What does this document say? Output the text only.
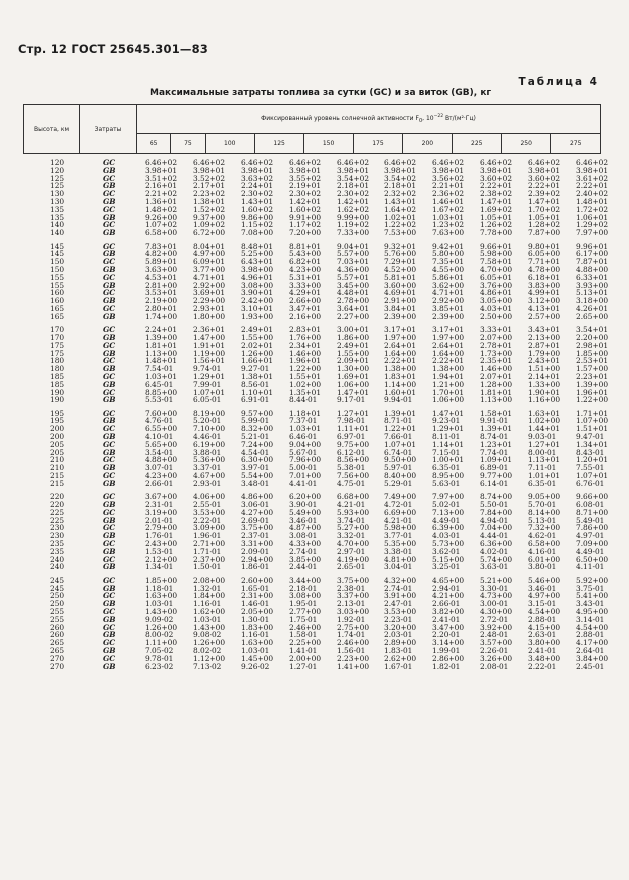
Стр. 12 ГОСТ 25645.301—83
Таблица 4
Максимальные затраты топлива за сутки (GC) и за виток (GB), кг
Высота, км	Затраты	Фиксированный уровень солнечной активности $F_0$, $10^{-22}$ Вт/(м²·Гц)									
		65	75	100	125	150	175	200	225	250	275
120	GC	6.46+02 6.46+02 6.46+02 6.46+02 6.46+02 6.46+02 6.46+02 6.46+02 6.46+02 6.46+02
120	GB	3.98+01 3.98+01 3.98+01 3.98+01 3.98+01 3.98+01 3.98+01 3.98+01 3.98+01 3.98+01
125	GC	3.51+02 3.52+02 3.63+02 3.55+02 3.54+02 3.54+02 3.56+02 3.60+02 3.60+02 3.61+02
125	GB	2.16+01 2.17+01 2.24+01 2.19+01 2.18+01 2.18+01 2.21+01 2.22+01 2.22+01 2.22+01
130	GC	2.21+02 2.23+02 2.30+02 2.30+02 2.30+02 2.32+02 2.36+02 2.38+02 2.39+02 2.40+02
130	GB	1.36+01 1.38+01 1.43+01 1.42+01 1.42+01 1.43+01 1.46+01 1.47+01 1.47+01 1.48+01
135	GC	1.48+02 1.52+02 1.60+02 1.60+02 1.62+02 1.64+02 1.67+02 1.69+02 1.70+02 1.72+02
135	GB	9.26+00 9.37+00 9.86+00 9.91+00 9.99+00 1.02+01 1.03+01 1.05+01 1.05+01 1.06+01
140	GC	1.07+02 1.09+02 1.15+02 1.17+02 1.19+02 1.22+02 1.23+02 1.26+02 1.28+02 1.29+02
140	GB	6.58+00 6.72+00 7.08+00 7.20+00 7.33+00 7.53+00 7.63+00 7.78+00 7.87+00 7.97+00
145	GC	7.83+01 8.04+01 8.48+01 8.81+01 9.04+01 9.32+01 9.42+01 9.66+01 9.80+01 9.96+01
145	GB	4.82+00 4.97+00 5.25+00 5.43+00 5.57+00 5.76+00 5.80+00 5.98+00 6.05+00 6.17+00
150	GC	5.89+01 6.09+01 6.43+01 6.82+01 7.03+01 7.29+01 7.35+01 7.58+01 7.71+01 7.87+01
150	GB	3.63+00 3.77+00 3.98+00 4.23+00 4.36+00 4.52+00 4.55+00 4.70+00 4.78+00 4.88+00
155	GC	4.53+01 4.71+01 4.96+01 5.31+01 5.57+01 5.81+01 5.86+01 6.05+01 6.18+01 6.33+01
155	GB	2.81+00 2.92+00 3.08+00 3.33+00 3.45+00 3.60+00 3.62+00 3.76+00 3.83+00 3.93+00
160	GC	3.53+01 3.69+01 3.90+01 4.29+01 4.48+01 4.69+01 4.71+01 4.86+01 4.99+01 5.13+01
160	GB	2.19+00 2.29+00 2.42+00 2.66+00 2.78+00 2.91+00 2.92+00 3.05+00 3.12+00 3.18+00
165	GC	2.80+01 2.93+01 3.10+01 3.47+01 3.64+01 3.84+01 3.85+01 4.03+01 4.13+01 4.26+01
165	GB	1.74+00 1.80+00 1.93+00 2.16+00 2.27+00 2.39+00 2.39+00 2.50+00 2.57+00 2.65+00
170	GC	2.24+01 2.36+01 2.49+01 2.83+01 3.00+01 3.17+01 3.17+01 3.33+01 3.43+01 3.54+01
170	GB	1.39+00 1.47+00 1.55+00 1.76+00 1.86+00 1.97+00 1.97+00 2.07+00 2.13+00 2.20+00
175	GC	1.81+01 1.91+01 2.02+01 2.34+01 2.49+01 2.64+01 2.64+01 2.78+01 2.87+01 2.98+01
175	GB	1.13+00 1.19+00 1.26+00 1.46+00 1.55+00 1.64+00 1.64+00 1.73+00 1.79+00 1.85+00
180	GC	1.48+01 1.56+01 1.66+01 1.96+01 2.09+01 2.22+01 2.22+01 2.35+01 2.43+01 2.53+01
180	GB	7.54-01	9.74-01	9.27-01	1.22+00 1.30+00 1.38+00 1.38+00 1.46+00 1.51+00 1.57+00
185	GC	1.03+01 1.29+01 1.38+01 1.55+01 1.69+01 1.83+01 1.94+01 2.07+01 2.14+01 2.23+01
185	GB	6.45-01	7.99-01	8.56-01	1.02+00 1.06+00 1.14+00 1.21+00 1.28+00 1.33+00 1.39+00
190	GC	8.85+00 1.07+01 1.10+01 1.35+01 1.47+01 1.60+01 1.70+01 1.81+01 1.90+01 1.96+01
190	GB	5.53-01	6.05-01	6.91-01	8.44-01	9.17-01	9.94-01	1.06+00 1.13+00 1.16+00 1.22+00
195	GC	7.60+00 8.19+00 9.57+00 1.18+01 1.27+01 1.39+01 1.47+01 1.58+01 1.63+01 1.71+01
195	GB	4.76-01	5.20-01	5.99-01	7.37-01	7.98-01	8.71-01	9.23-01	9.91-01	1.02+00 1.07+00
200	GC	6.55+00 7.10+00 8.32+00 1.03+01 1.11+01 1.22+01 1.29+01 1.39+01 1.44+01 1.51+01
200	GB	4.10-01	4.46-01	5.21-01	6.46-01	6.97-01	7.66-01	8.11-01	8.74-01	9.03-01	9.47-01
205	GC	5.65+00 6.19+00 7.24+00 9.04+00 9.75+00 1.07+01 1.14+01 1.23+01 1.27+01 1.34+01
205	GB	3.54-01	3.88-01	4.54-01	5.67-01	6.12-01	6.74-01	7.15-01	7.74-01	8.00-01	8.43-01
210	GC	4.88+00 5.36+00 6.30+00 7.96+00 8.56+00 9.50+00 1.00+01 1.09+01 1.13+01 1.20+01
210	GB	3.07-01	3.37-01	3.97-01	5.00-01	5.38-01	5.97-01	6.35-01	6.89-01	7.11-01	7.55-01
215	GC	4.23+00 4.67+00 5.54+00 7.01+00 7.56+00 8.40+00 8.95+00 9.77+00 1.01+01 1.07+01
215	GB	2.66-01	2.93-01	3.48-01	4.41-01	4.75-01	5.29-01	5.63-01	6.14-01	6.35-01	6.76-01
220	GC	3.67+00 4.06+00 4.86+00 6.20+00 6.68+00 7.49+00 7.97+00 8.74+00 9.05+00 9.66+00
220	GB	2.31-01	2.55-01	3.06-01	3.90-01	4.21-01	4.72-01	5.02-01	5.50-01	5.70-01	6.08-01
225	GC	3.19+00 3.53+00 4.27+00 5.49+00 5.93+00 6.69+00 7.13+00 7.84+00 8.14+00 8.71+00
225	GB	2.01-01	2.22-01	2.69-01	3.46-01	3.74-01	4.21-01	4.49-01	4.94-01	5.13-01	5.49-01
230	GC	2.79+00 3.09+00 3.75+00 4.87+00 5.27+00 5.98+00 6.39+00 7.04+00 7.32+00 7.86+00
230	GB	1.76-01	1.96-01	2.37-01	3.08-01	3.32-01	3.77-01	4.03-01	4.44-01	4.62-01	4.97-01
235	GC	2.43+00 2.71+00 3.31+00 4.33+00 4.70+00 5.35+00 5.73+00 6.36+00 6.58+00 7.09+00
235	GB	1.53-01	1.71-01	2.09-01	2.74-01	2.97-01	3.38-01	3.62-01	4.02-01	4.16-01	4.49-01
240	GC	2.12+00 2.37+00 2.94+00 3.85+00 4.19+00 4.81+00 5.15+00 5.74+00 6.01+00 6.50+00
240	GB	1.34-01	1.50-01	1.86-01	2.44-01	2.65-01	3.04-01	3.25-01	3.63-01	3.80-01	4.11-01
245	GC	1.85+00 2.08+00 2.60+00 3.44+00 3.75+00 4.32+00 4.65+00 5.21+00 5.46+00 5.92+00
245	GB	1.18-01	1.32-01	1.65-01	2.18-01	2.38-01	2.74-01	2.94-01	3.30-01	3.46-01	3.75-01
250	GC	1.63+00 1.84+00 2.31+00 3.08+00 3.37+00 3.91+00 4.21+00 4.73+00 4.97+00 5.41+00
250	GB	1.03-01	1.16-01	1.46-01	1.95-01	2.13-01	2.47-01	2.66-01	3.00-01	3.15-01	3.43-01
255	GC	1.43+00 1.62+00 2.05+00 2.77+00 3.03+00 3.53+00 3.82+00 4.30+00 4.54+00 4.95+00
255	GB	9.09-02	1.03-01	1.30-01	1.75-01	1.92-01	2.23-01	2.41-01	2.72-01	2.88-01	3.14-01
260	GC	1.26+00 1.43+00 1.83+00 2.46+00 2.75+00 3.20+00 3.47+00 3.92+00 4.15+00 4.54+00
260	GB	8.00-02	9.08-02	1.16-01	1.58-01	1.74-01	2.03-01	2.20-01	2.48-01	2.63-01	2.88-01
265	GC	1.11+00 1.26+00 1.63+00 2.25+00 2.46+00 2.89+00 3.14+00 3.57+00 3.80+00 4.17+00
265	GB	7.05-02	8.02-02	1.03-01	1.41-01	1.56-01	1.83-01	1.99-01	2.26-01	2.41-01	2.64-01
270	GC	9.78-01	1.12+00 1.45+00 2.00+00 2.23+00 2.62+00 2.86+00 3.26+00 3.48+00 3.84+00
270	GB	6.23-02	7.13-02	9.26-02	1.27-01	1.41+00 1.67-01	1.82-01	2.08-01	2.22-01	2.45-01
